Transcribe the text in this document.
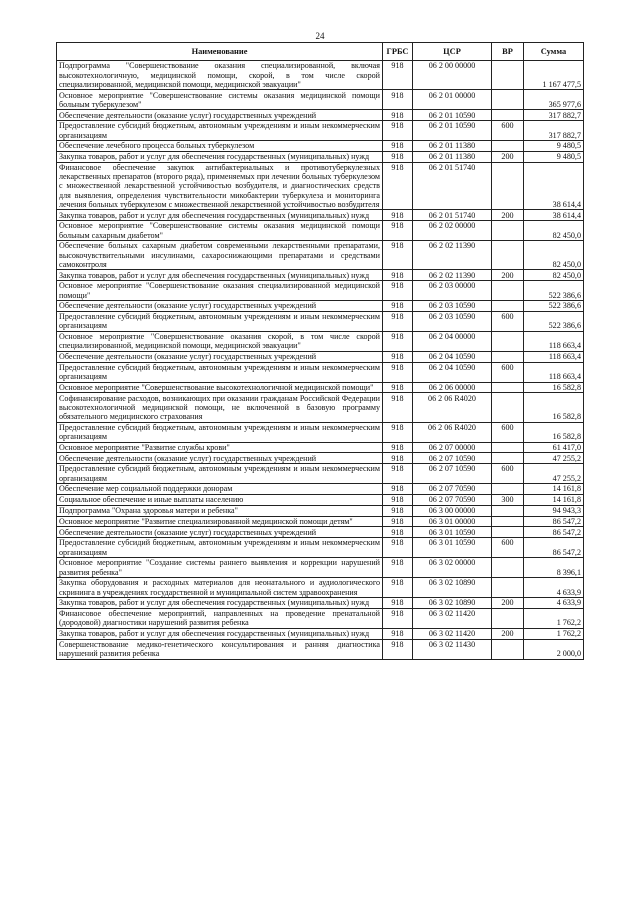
24
Наименование	ГРБС	ЦСР	ВР	Сумма
Подпрограмма "Совершенствование оказания специализированной, включая высокотехнологичную, медицинской помощи, скорой, в том числе скорой специализированной, медицинской помощи, медицинской эвакуации"	918	06 2 00 00000		1 167 477,5
Основное мероприятие "Совершенствование системы оказания медицинской помощи больным туберкулезом"	918	06 2 01 00000		365 977,6
Обеспечение деятельности (оказание услуг) государственных учреждений	918	06 2 01 10590		317 882,7
Предоставление субсидий бюджетным, автономным учреждениям и иным некоммерческим организациям	918	06 2 01 10590	600	317 882,7
Обеспечение лечебного процесса больных туберкулезом	918	06 2 01 11380		9 480,5
Закупка товаров, работ и услуг для обеспечения государственных (муниципальных) нужд	918	06 2 01 11380	200	9 480,5
Финансовое обеспечение закупок антибактериальных и противотуберкулезных лекарственных препаратов (второго ряда), применяемых при лечении больных туберкулезом с множественной лекарственной устойчивостью возбудителя, и диагностических средств для выявления, определения чувствительности микобактерии туберкулеза и мониторинга лечения больных туберкулезом с множественной лекарственной устойчивостью возбудителя	918	06 2 01 51740		38 614,4
Закупка товаров, работ и услуг для обеспечения государственных (муниципальных) нужд	918	06 2 01 51740	200	38 614,4
Основное мероприятие "Совершенствование системы оказания медицинской помощи больным сахарным диабетом"	918	06 2 02 00000		82 450,0
Обеспечение больных сахарным диабетом современными лекарственными препаратами, высокочувствительными инсулинами, сахароснижающими препаратами и средствами самоконтроля	918	06 2 02 11390		82 450,0
Закупка товаров, работ и услуг для обеспечения государственных (муниципальных) нужд	918	06 2 02 11390	200	82 450,0
Основное мероприятие "Совершенствование оказания специализированной медицинской помощи"	918	06 2 03 00000		522 386,6
Обеспечение деятельности (оказание услуг) государственных учреждений	918	06 2 03 10590		522 386,6
Предоставление субсидий бюджетным, автономным учреждениям и иным некоммерческим организациям	918	06 2 03 10590	600	522 386,6
Основное мероприятие "Совершенствование оказания скорой, в том числе скорой специализированной, медицинской помощи, медицинской эвакуации"	918	06 2 04 00000		118 663,4
Обеспечение деятельности (оказание услуг) государственных учреждений	918	06 2 04 10590		118 663,4
Предоставление субсидий бюджетным, автономным учреждениям и иным некоммерческим организациям	918	06 2 04 10590	600	118 663,4
Основное мероприятие "Совершенствование высокотехнологичной медицинской помощи"	918	06 2 06 00000		16 582,8
Софинансирование расходов, возникающих при оказании гражданам Российской Федерации высокотехнологичной медицинской помощи, не включенной в базовую программу обязательного медицинского страхования	918	06 2 06 R4020		16 582,8
Предоставление субсидий бюджетным, автономным учреждениям и иным некоммерческим организациям	918	06 2 06 R4020	600	16 582,8
Основное мероприятие "Развитие службы крови"	918	06 2 07 00000		61 417,0
Обеспечение деятельности (оказание услуг) государственных учреждений	918	06 2 07 10590		47 255,2
Предоставление субсидий бюджетным, автономным учреждениям и иным некоммерческим организациям	918	06 2 07 10590	600	47 255,2
Обеспечение мер социальной поддержки донорам	918	06 2 07 70590		14 161,8
Социальное обеспечение и иные выплаты населению	918	06 2 07 70590	300	14 161,8
Подпрограмма "Охрана здоровья матери и ребенка"	918	06 3 00 00000		94 943,3
Основное мероприятие "Развитие специализированной медицинской помощи детям"	918	06 3 01 00000		86 547,2
Обеспечение деятельности (оказание услуг) государственных учреждений	918	06 3 01 10590		86 547,2
Предоставление субсидий бюджетным, автономным учреждениям и иным некоммерческим организациям	918	06 3 01 10590	600	86 547,2
Основное мероприятие "Создание системы раннего выявления и коррекции нарушений развития ребенка"	918	06 3 02 00000		8 396,1
Закупка оборудования и расходных материалов для неонатального и аудиологического скрининга в учреждениях государственной и муниципальной систем здравоохранения	918	06 3 02 10890		4 633,9
Закупка товаров, работ и услуг для обеспечения государственных (муниципальных) нужд	918	06 3 02 10890	200	4 633,9
Финансовое обеспечение мероприятий, направленных на проведение пренатальной (дородовой) диагностики нарушений развития ребенка	918	06 3 02 11420		1 762,2
Закупка товаров, работ и услуг для обеспечения государственных (муниципальных) нужд	918	06 3 02 11420	200	1 762,2
Совершенствование медико-генетического консультирования и ранняя диагностика нарушений развития ребенка	918	06 3 02 11430		2 000,0
